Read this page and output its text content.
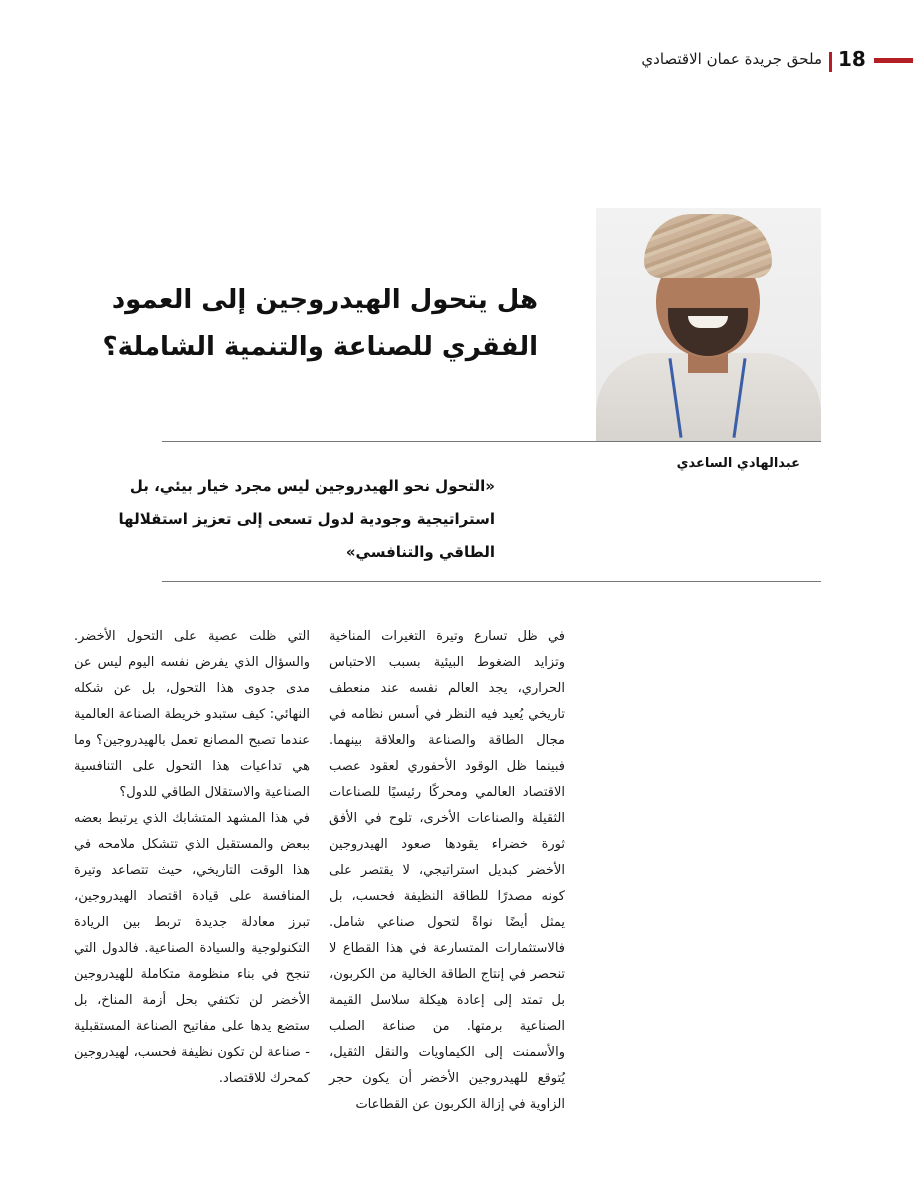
18
ملحق جريدة عمان الاقتصادي
هل يتحول الهيدروجين إلى العمود الفقري للصناعة والتنمية الشاملة؟
عبدالهادي الساعدي
«التحول نحو الهيدروجين ليس مجرد خيار بيئي، بل استراتيجية وجودية لدول تسعى إلى تعزيز استقلالها الطاقي والتنافسي»

في ظل تسارع وتيرة التغيرات المناخية وتزايد الضغوط البيئية بسبب الاحتباس الحراري، يجد العالم نفسه عند منعطف تاريخي يُعيد فيه النظر في أسس نظامه في مجال الطاقة والصناعة والعلاقة بينهما. فبينما ظل الوقود الأحفوري لعقود عصب الاقتصاد العالمي ومحركًا رئيسيًا للصناعات الثقيلة والصناعات الأخرى، تلوح في الأفق ثورة خضراء يقودها صعود الهيدروجين الأخضر كبديل استراتيجي، لا يقتصر على كونه مصدرًا للطاقة النظيفة فحسب، بل يمثل أيضًا نواةً لتحول صناعي شامل. فالاستثمارات المتسارعة في هذا القطاع لا تنحصر في إنتاج الطاقة الخالية من الكربون، بل تمتد إلى إعادة هيكلة سلاسل القيمة الصناعية برمتها. من صناعة الصلب والأسمنت إلى الكيماويات والنقل الثقيل، يُتوقع للهيدروجين الأخضر أن يكون حجر الزاوية في إزالة الكربون عن القطاعات

التي ظلت عصية على التحول الأخضر. والسؤال الذي يفرض نفسه اليوم ليس عن مدى جدوى هذا التحول، بل عن شكله النهائي: كيف ستبدو خريطة الصناعة العالمية عندما تصبح المصانع تعمل بالهيدروجين؟ وما هي تداعيات هذا التحول على التنافسية الصناعية والاستقلال الطاقي للدول؟

في هذا المشهد المتشابك الذي يرتبط بعضه ببعض والمستقبل الذي تتشكل ملامحه في هذا الوقت التاريخي، حيث تتصاعد وتيرة المنافسة على قيادة اقتصاد الهيدروجين، تبرز معادلة جديدة تربط بين الريادة التكنولوجية والسيادة الصناعية. فالدول التي تنجح في بناء منظومة متكاملة للهيدروجين الأخضر لن تكتفي بحل أزمة المناخ، بل ستضع يدها على مفاتيح الصناعة المستقبلية - صناعة لن تكون نظيفة فحسب، لهيدروجين كمحرك للاقتصاد.
